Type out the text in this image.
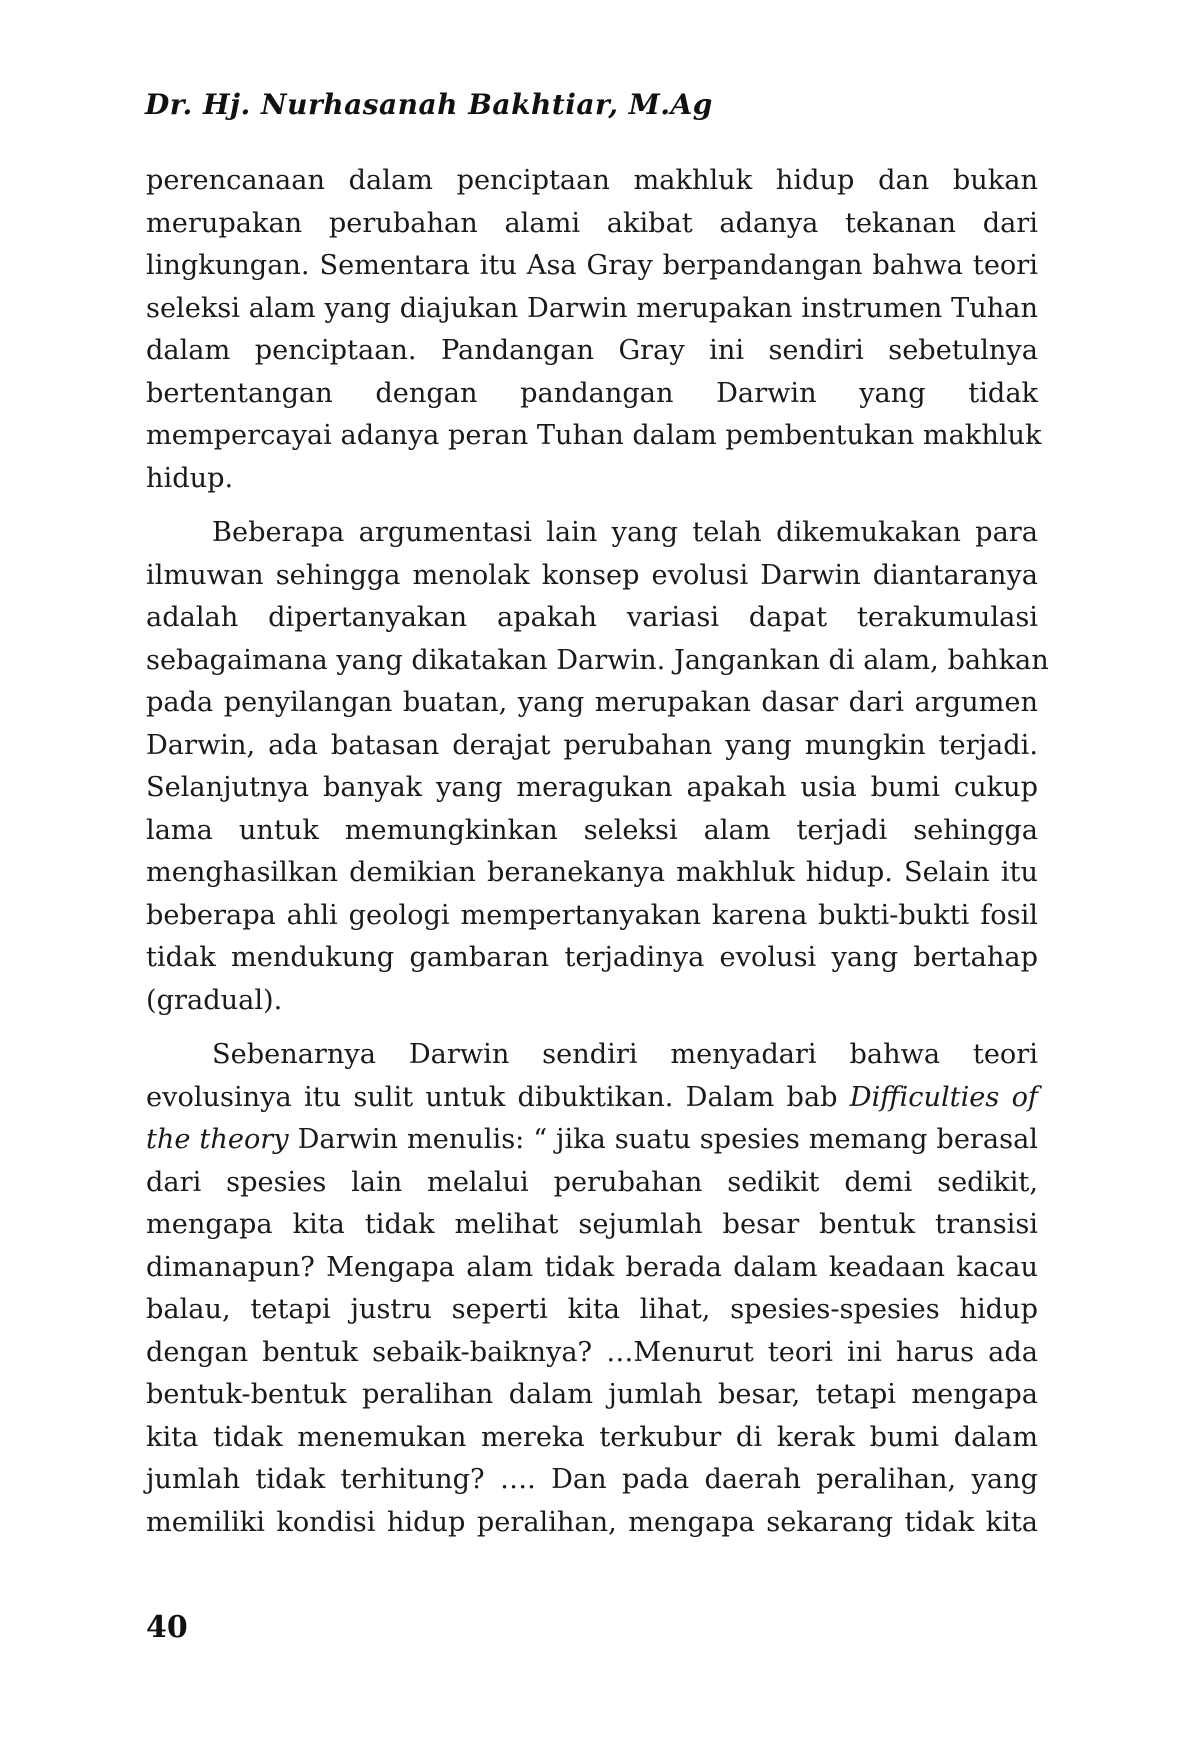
Dr. Hj. Nurhasanah Bakhtiar, M.Ag

perencanaan dalam penciptaan makhluk hidup dan bukan
merupakan perubahan alami akibat adanya tekanan dari
lingkungan. Sementara itu Asa Gray berpandangan bahwa teori
seleksi alam yang diajukan Darwin merupakan instrumen Tuhan
dalam penciptaan. Pandangan Gray ini sendiri sebetulnya
bertentangan dengan pandangan Darwin yang tidak
mempercayai adanya peran Tuhan dalam pembentukan makhluk
hidup.

Beberapa argumentasi lain yang telah dikemukakan para
ilmuwan sehingga menolak konsep evolusi Darwin diantaranya
adalah dipertanyakan apakah variasi dapat terakumulasi
sebagaimana yang dikatakan Darwin. Jangankan di alam, bahkan
pada penyilangan buatan, yang merupakan dasar dari argumen
Darwin, ada batasan derajat perubahan yang mungkin terjadi.
Selanjutnya banyak yang meragukan apakah usia bumi cukup
lama untuk memungkinkan seleksi alam terjadi sehingga
menghasilkan demikian beranekanya makhluk hidup. Selain itu
beberapa ahli geologi mempertanyakan karena bukti-bukti fosil
tidak mendukung gambaran terjadinya evolusi yang bertahap
(gradual).

Sebenarnya Darwin sendiri menyadari bahwa teori
evolusinya itu sulit untuk dibuktikan. Dalam bab Difficulties of
the theory Darwin menulis: “ jika suatu spesies memang berasal
dari spesies lain melalui perubahan sedikit demi sedikit,
mengapa kita tidak melihat sejumlah besar bentuk transisi
dimanapun? Mengapa alam tidak berada dalam keadaan kacau
balau, tetapi justru seperti kita lihat, spesies-spesies hidup
dengan bentuk sebaik-baiknya? …Menurut teori ini harus ada
bentuk-bentuk peralihan dalam jumlah besar, tetapi mengapa
kita tidak menemukan mereka terkubur di kerak bumi dalam
jumlah tidak terhitung? …. Dan pada daerah peralihan, yang
memiliki kondisi hidup peralihan, mengapa sekarang tidak kita

40
